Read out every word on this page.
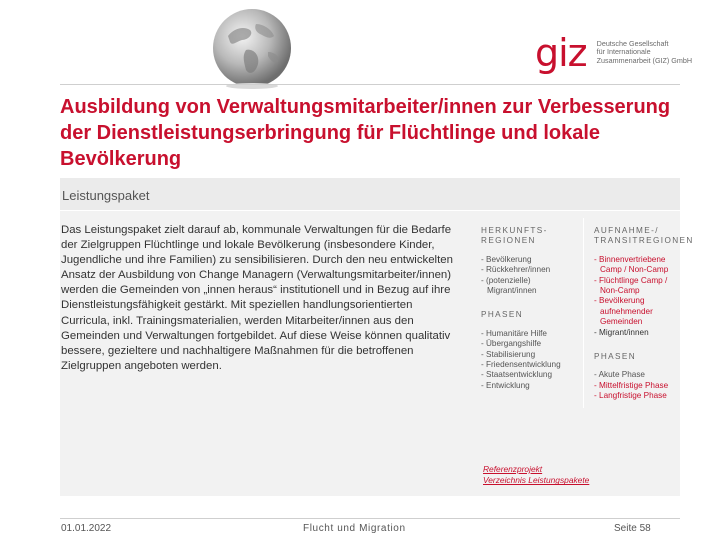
giz Deutsche Gesellschaft
für Internationale
Zusammenarbeit (GIZ) GmbH
Ausbildung von Verwaltungsmitarbeiter/innen zur Verbesserung der Dienstleistungserbringung für Flüchtlinge und lokale Bevölkerung
Leistungspaket

Das Leistungspaket zielt darauf ab, kommunale Verwaltungen für die Bedarfe der Zielgruppen Flüchtlinge und lokale Bevölkerung (insbesondere Kinder, Jugendliche und ihre Familien) zu sensibilisieren. Durch den neu entwickelten Ansatz der Ausbildung von Change Managern (Verwaltungsmitarbeiter/innen) werden die Gemeinden von „innen heraus“ institutionell und in Bezug auf ihre Dienstleistungsfähigkeit gestärkt. Mit speziellen handlungsorientierten Curricula, inkl. Trainingsmaterialien, werden Mitarbeiter/innen aus den Gemeinden und Verwaltungen fortgebildet. Auf diese Weise können qualitativ bessere, gezieltere und nachhaltigere Maßnahmen für die betroffenen Zielgruppen angeboten werden.

HERKUNFTS-REGIONEN
- Bevölkerung
- Rückkehrer/innen
- (potenzielle) Migrant/innen
PHASEN
- Humanitäre Hilfe
- Übergangshilfe
- Stabilisierung
- Friedensentwicklung
- Staatsentwicklung
- Entwicklung
AUFNAHME-/ TRANSITREGIONEN
- Binnenvertriebene Camp / Non-Camp
- Flüchtlinge Camp / Non-Camp
- Bevölkerung aufnehmender Gemeinden
- Migrant/innen
PHASEN
- Akute Phase
- Mittelfristige Phase
- Langfristige Phase
Referenzprojekt
Verzeichnis Leistungspakete
01.01.2022	Flucht und Migration	Seite 58
